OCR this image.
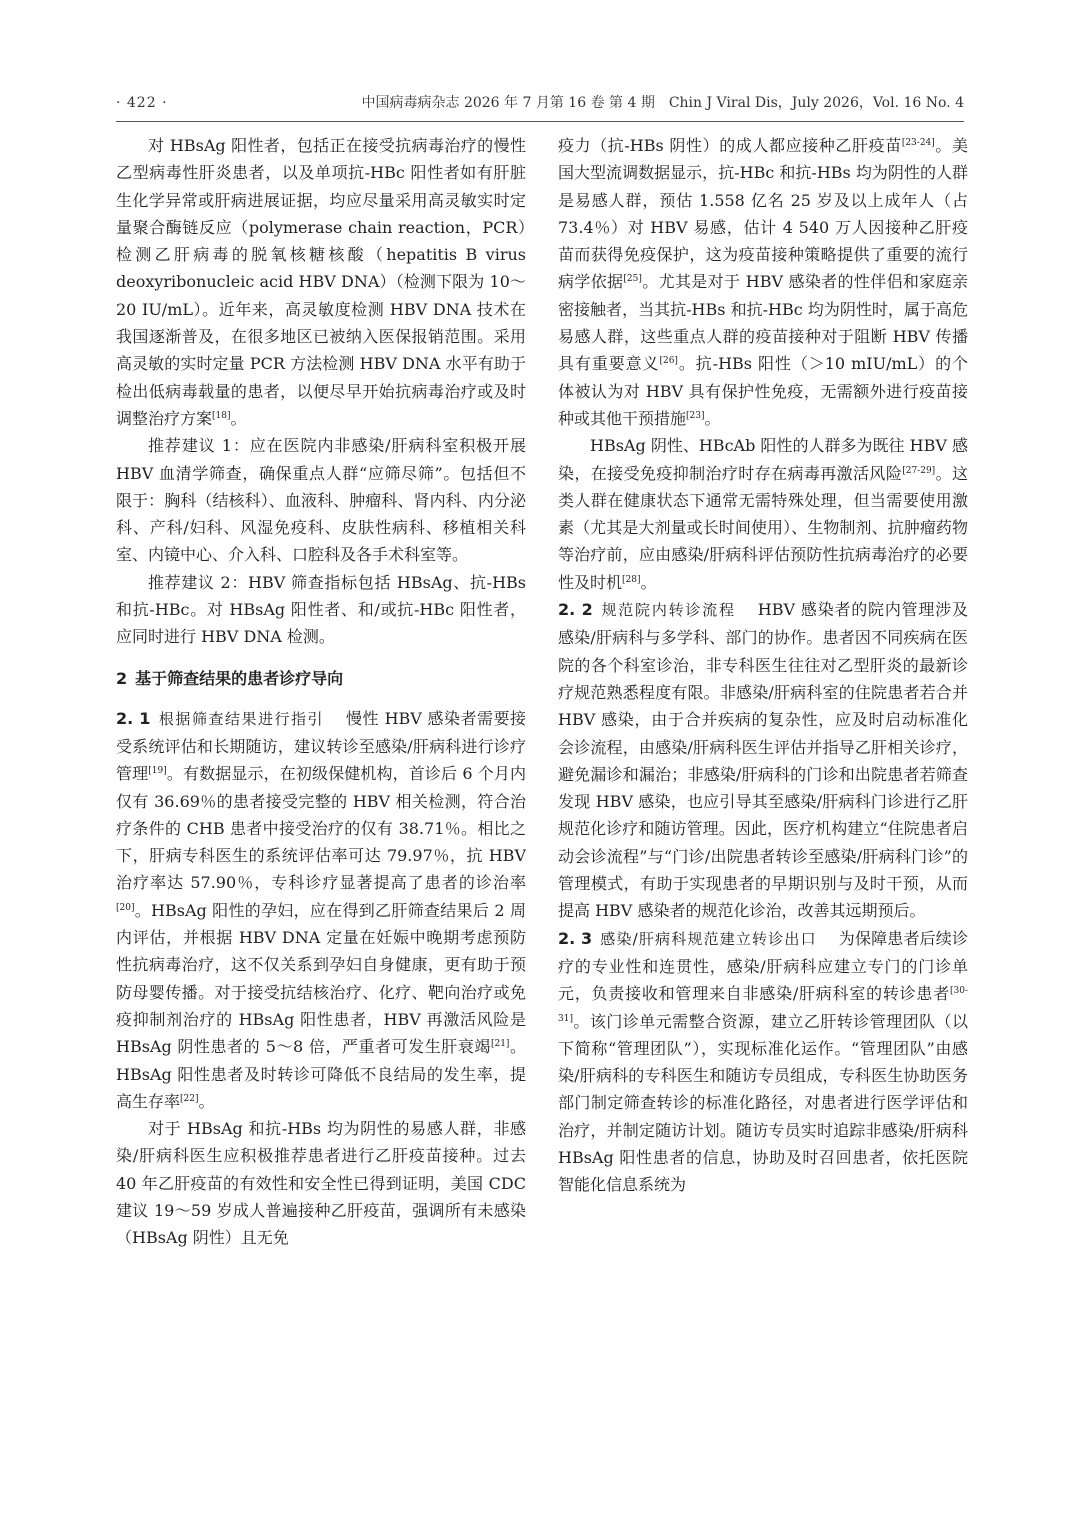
· 422 ·	中国病毒病杂志 2026 年 7 月第 16 卷 第 4 期　Chin J Viral Dis，July 2026，Vol. 16 No. 4

对 HBsAg 阳性者，包括正在接受抗病毒治疗的慢性乙型病毒性肝炎患者，以及单项抗-HBc 阳性者如有肝脏生化学异常或肝病进展证据，均应尽量采用高灵敏实时定量聚合酶链反应（polymerase chain reaction，PCR）检测乙肝病毒的脱氧核糖核酸（hepatitis B virus deoxyribonucleic acid HBV DNA）（检测下限为 10～20 IU/mL）。近年来，高灵敏度检测 HBV DNA 技术在我国逐渐普及，在很多地区已被纳入医保报销范围。采用高灵敏的实时定量 PCR 方法检测 HBV DNA 水平有助于检出低病毒载量的患者，以便尽早开始抗病毒治疗或及时调整治疗方案[18]。

推荐建议 1：应在医院内非感染/肝病科室积极开展 HBV 血清学筛查，确保重点人群“应筛尽筛”。包括但不限于：胸科（结核科）、血液科、肿瘤科、肾内科、内分泌科、产科/妇科、风湿免疫科、皮肤性病科、移植相关科室、内镜中心、介入科、口腔科及各手术科室等。

推荐建议 2：HBV 筛查指标包括 HBsAg、抗-HBs 和抗-HBc。对 HBsAg 阳性者、和/或抗-HBc 阳性者，应同时进行 HBV DNA 检测。

2 基于筛查结果的患者诊疗导向

2. 1 根据筛查结果进行指引 慢性 HBV 感染者需要接受系统评估和长期随访，建议转诊至感染/肝病科进行诊疗管理[19]。有数据显示，在初级保健机构，首诊后 6 个月内仅有 36.69％的患者接受完整的 HBV 相关检测，符合治疗条件的 CHB 患者中接受治疗的仅有 38.71％。相比之下，肝病专科医生的系统评估率可达 79.97％，抗 HBV 治疗率达 57.90％，专科诊疗显著提高了患者的诊治率[20]。HBsAg 阳性的孕妇，应在得到乙肝筛查结果后 2 周内评估，并根据 HBV DNA 定量在妊娠中晚期考虑预防性抗病毒治疗，这不仅关系到孕妇自身健康，更有助于预防母婴传播。对于接受抗结核治疗、化疗、靶向治疗或免疫抑制剂治疗的 HBsAg 阳性患者，HBV 再激活风险是 HBsAg 阴性患者的 5～8 倍，严重者可发生肝衰竭[21]。HBsAg 阳性患者及时转诊可降低不良结局的发生率，提高生存率[22]。

对于 HBsAg 和抗-HBs 均为阴性的易感人群，非感染/肝病科医生应积极推荐患者进行乙肝疫苗接种。过去 40 年乙肝疫苗的有效性和安全性已得到证明，美国 CDC 建议 19～59 岁成人普遍接种乙肝疫苗，强调所有未感染（HBsAg 阴性）且无免

疫力（抗-HBs 阴性）的成人都应接种乙肝疫苗[23-24]。美国大型流调数据显示，抗-HBc 和抗-HBs 均为阴性的人群是易感人群，预估 1.558 亿名 25 岁及以上成年人（占 73.4％）对 HBV 易感，估计 4 540 万人因接种乙肝疫苗而获得免疫保护，这为疫苗接种策略提供了重要的流行病学依据[25]。尤其是对于 HBV 感染者的性伴侣和家庭亲密接触者，当其抗-HBs 和抗-HBc 均为阴性时，属于高危易感人群，这些重点人群的疫苗接种对于阻断 HBV 传播具有重要意义[26]。抗-HBs 阳性（＞10 mIU/mL）的个体被认为对 HBV 具有保护性免疫，无需额外进行疫苗接种或其他干预措施[23]。

HBsAg 阴性、HBcAb 阳性的人群多为既往 HBV 感染，在接受免疫抑制治疗时存在病毒再激活风险[27-29]。这类人群在健康状态下通常无需特殊处理，但当需要使用激素（尤其是大剂量或长时间使用）、生物制剂、抗肿瘤药物等治疗前，应由感染/肝病科评估预防性抗病毒治疗的必要性及时机[28]。

2. 2 规范院内转诊流程 HBV 感染者的院内管理涉及感染/肝病科与多学科、部门的协作。患者因不同疾病在医院的各个科室诊治，非专科医生往往对乙型肝炎的最新诊疗规范熟悉程度有限。非感染/肝病科室的住院患者若合并 HBV 感染，由于合并疾病的复杂性，应及时启动标准化会诊流程，由感染/肝病科医生评估并指导乙肝相关诊疗，避免漏诊和漏治；非感染/肝病科的门诊和出院患者若筛查发现 HBV 感染，也应引导其至感染/肝病科门诊进行乙肝规范化诊疗和随访管理。因此，医疗机构建立“住院患者启动会诊流程”与“门诊/出院患者转诊至感染/肝病科门诊”的管理模式，有助于实现患者的早期识别与及时干预，从而提高 HBV 感染者的规范化诊治，改善其远期预后。

2. 3 感染/肝病科规范建立转诊出口 为保障患者后续诊疗的专业性和连贯性，感染/肝病科应建立专门的门诊单元，负责接收和管理来自非感染/肝病科室的转诊患者[30-31]。该门诊单元需整合资源，建立乙肝转诊管理团队（以下简称“管理团队”），实现标准化运作。“管理团队”由感染/肝病科的专科医生和随访专员组成，专科医生协助医务部门制定筛查转诊的标准化路径，对患者进行医学评估和治疗，并制定随访计划。随访专员实时追踪非感染/肝病科 HBsAg 阳性患者的信息，协助及时召回患者，依托医院智能化信息系统为
